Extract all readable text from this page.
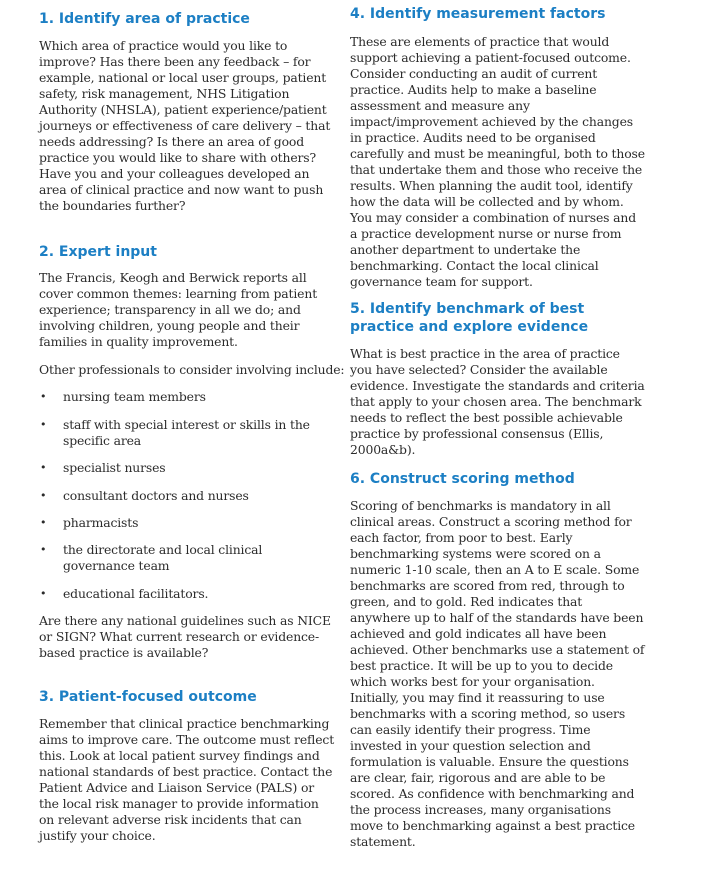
1. Identify area of practice

Which area of practice would you like to improve? Has there been any feedback – for example, national or local user groups, patient safety, risk management, NHS Litigation Authority (NHSLA), patient experience/patient journeys or effectiveness of care delivery – that needs addressing? Is there an area of good practice you would like to share with others? Have you and your colleagues developed an area of clinical practice and now want to push the boundaries further?

2. Expert input

The Francis, Keogh and Berwick reports all cover common themes: learning from patient experience; transparency in all we do; and involving children, young people and their families in quality improvement.

Other professionals to consider involving include:

• nursing team members
• staff with special interest or skills in the specific area
• specialist nurses
• consultant doctors and nurses
• pharmacists
• the directorate and local clinical governance team
• educational facilitators.

Are there any national guidelines such as NICE or SIGN? What current research or evidence-based practice is available?

3. Patient-focused outcome

Remember that clinical practice benchmarking aims to improve care. The outcome must reflect this. Look at local patient survey findings and national standards of best practice. Contact the Patient Advice and Liaison Service (PALS) or the local risk manager to provide information on relevant adverse risk incidents that can justify your choice.

4. Identify measurement factors

These are elements of practice that would support achieving a patient-focused outcome. Consider conducting an audit of current practice. Audits help to make a baseline assessment and measure any impact/improvement achieved by the changes in practice. Audits need to be organised carefully and must be meaningful, both to those that undertake them and those who receive the results. When planning the audit tool, identify how the data will be collected and by whom. You may consider a combination of nurses and a practice development nurse or nurse from another department to undertake the benchmarking. Contact the local clinical governance team for support.

5. Identify benchmark of best practice and explore evidence

What is best practice in the area of practice you have selected? Consider the available evidence. Investigate the standards and criteria that apply to your chosen area. The benchmark needs to reflect the best possible achievable practice by professional consensus (Ellis, 2000a&b).

6. Construct scoring method

Scoring of benchmarks is mandatory in all clinical areas. Construct a scoring method for each factor, from poor to best. Early benchmarking systems were scored on a numeric 1-10 scale, then an A to E scale. Some benchmarks are scored from red, through to green, and to gold. Red indicates that anywhere up to half of the standards have been achieved and gold indicates all have been achieved. Other benchmarks use a statement of best practice. It will be up to you to decide which works best for your organisation. Initially, you may find it reassuring to use benchmarks with a scoring method, so users can easily identify their progress. Time invested in your question selection and formulation is valuable. Ensure the questions are clear, fair, rigorous and are able to be scored. As confidence with benchmarking and the process increases, many organisations move to benchmarking against a best practice statement.
